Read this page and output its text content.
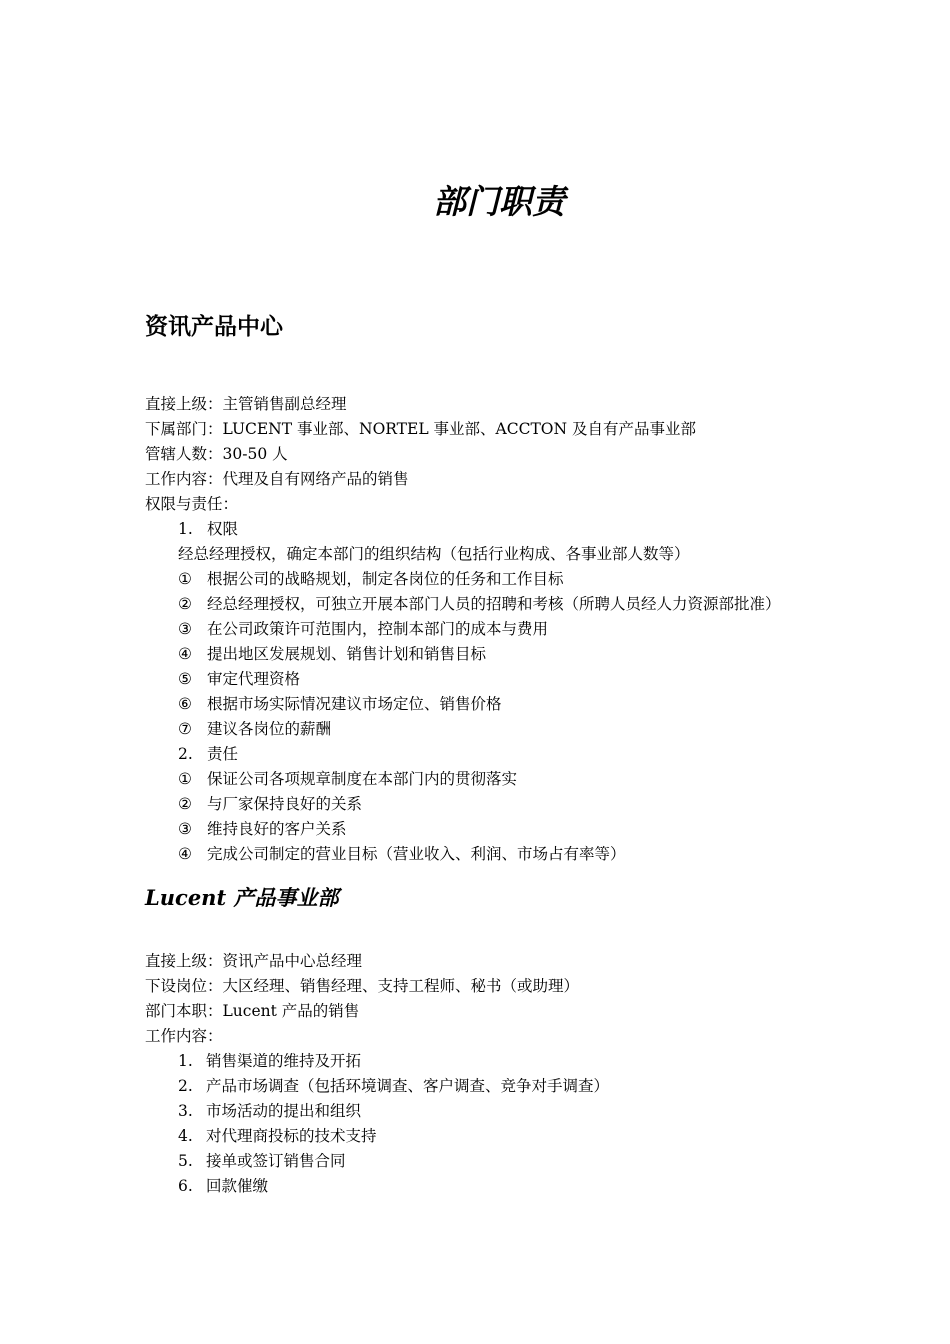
部门职责
资讯产品中心
直接上级：主管销售副总经理
下属部门：LUCENT 事业部、NORTEL 事业部、ACCTON 及自有产品事业部
管辖人数：30-50 人
工作内容：代理及自有网络产品的销售
权限与责任：
1. 权限
经总经理授权，确定本部门的组织结构（包括行业构成、各事业部人数等）
① 根据公司的战略规划，制定各岗位的任务和工作目标
② 经总经理授权，可独立开展本部门人员的招聘和考核（所聘人员经人力资源部批准）
③ 在公司政策许可范围内，控制本部门的成本与费用
④ 提出地区发展规划、销售计划和销售目标
⑤ 审定代理资格
⑥ 根据市场实际情况建议市场定位、销售价格
⑦ 建议各岗位的薪酬
2. 责任
① 保证公司各项规章制度在本部门内的贯彻落实
② 与厂家保持良好的关系
③ 维持良好的客户关系
④ 完成公司制定的营业目标（营业收入、利润、市场占有率等）
Lucent 产品事业部
直接上级：资讯产品中心总经理
下设岗位：大区经理、销售经理、支持工程师、秘书（或助理）
部门本职：Lucent 产品的销售
工作内容：
1. 销售渠道的维持及开拓
2. 产品市场调查（包括环境调查、客户调查、竞争对手调查）
3. 市场活动的提出和组织
4. 对代理商投标的技术支持
5. 接单或签订销售合同
6. 回款催缴
